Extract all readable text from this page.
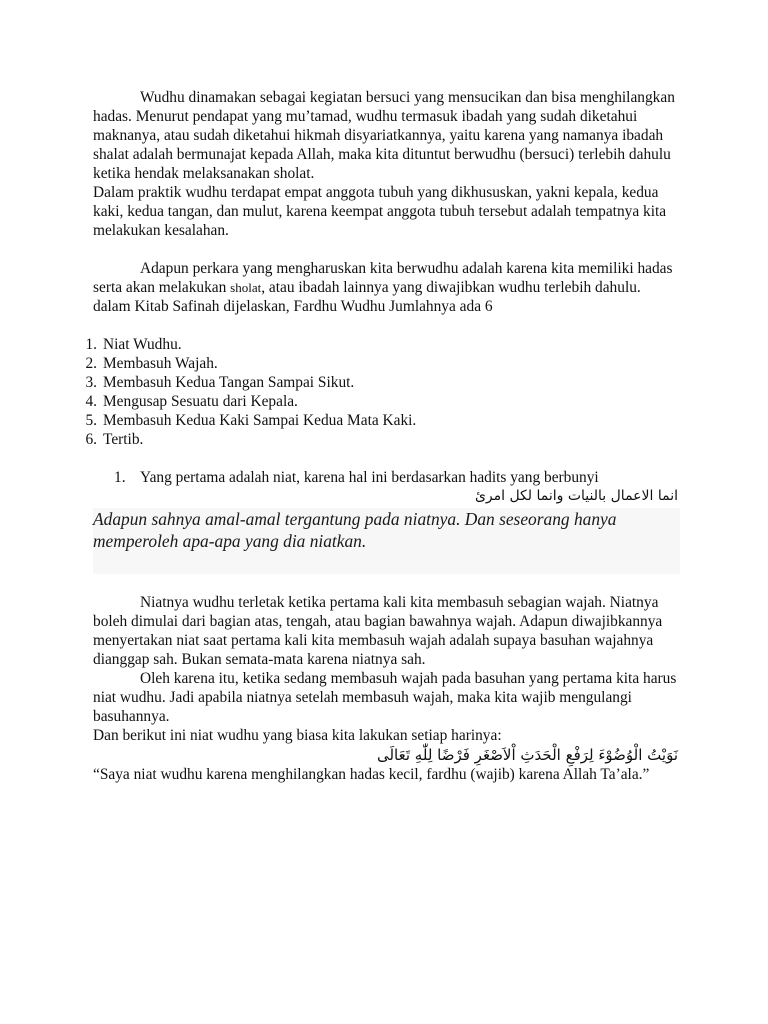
Wudhu dinamakan sebagai kegiatan bersuci yang mensucikan dan bisa menghilangkan hadas. Menurut pendapat yang mu’tamad, wudhu termasuk ibadah yang sudah diketahui maknanya, atau sudah diketahui hikmah disyariatkannya, yaitu karena yang namanya ibadah shalat adalah bermunajat kepada Allah, maka kita dituntut berwudhu (bersuci) terlebih dahulu ketika hendak melaksanakan sholat.

Dalam praktik wudhu terdapat empat anggota tubuh yang dikhususkan, yakni kepala, kedua kaki, kedua tangan, dan mulut, karena keempat anggota tubuh tersebut adalah tempatnya kita melakukan kesalahan.

Adapun perkara yang mengharuskan kita berwudhu adalah karena kita memiliki hadas serta akan melakukan sholat, atau ibadah lainnya yang diwajibkan wudhu terlebih dahulu.

dalam Kitab Safinah dijelaskan, Fardhu Wudhu Jumlahnya ada 6

1. Niat Wudhu.
2. Membasuh Wajah.
3. Membasuh Kedua Tangan Sampai Sikut.
4. Mengusap Sesuatu dari Kepala.
5. Membasuh Kedua Kaki Sampai Kedua Mata Kaki.
6. Tertib.
1. Yang pertama adalah niat, karena hal ini berdasarkan hadits yang berbunyi

انما الاعمال بالنيات وانما لكل امرئ

Adapun sahnya amal-amal tergantung pada niatnya. Dan seseorang hanya memperoleh apa-apa yang dia niatkan.

Niatnya wudhu terletak ketika pertama kali kita membasuh sebagian wajah. Niatnya boleh dimulai dari bagian atas, tengah, atau bagian bawahnya wajah. Adapun diwajibkannya menyertakan niat saat pertama kali kita membasuh wajah adalah supaya basuhan wajahnya dianggap sah. Bukan semata-mata karena niatnya sah.

Oleh karena itu, ketika sedang membasuh wajah pada basuhan yang pertama kita harus niat wudhu. Jadi apabila niatnya setelah membasuh wajah, maka kita wajib mengulangi basuhannya.

Dan berikut ini niat wudhu yang biasa kita lakukan setiap harinya:

نَوَيْتُ الْوُضُوْءَ لِرَفْعِ الْحَدَثِ اْلاَصْغَرِ فَرْضًا لِلّٰهِ تَعَالَى

“Saya niat wudhu karena menghilangkan hadas kecil, fardhu (wajib) karena Allah Ta’ala.”
